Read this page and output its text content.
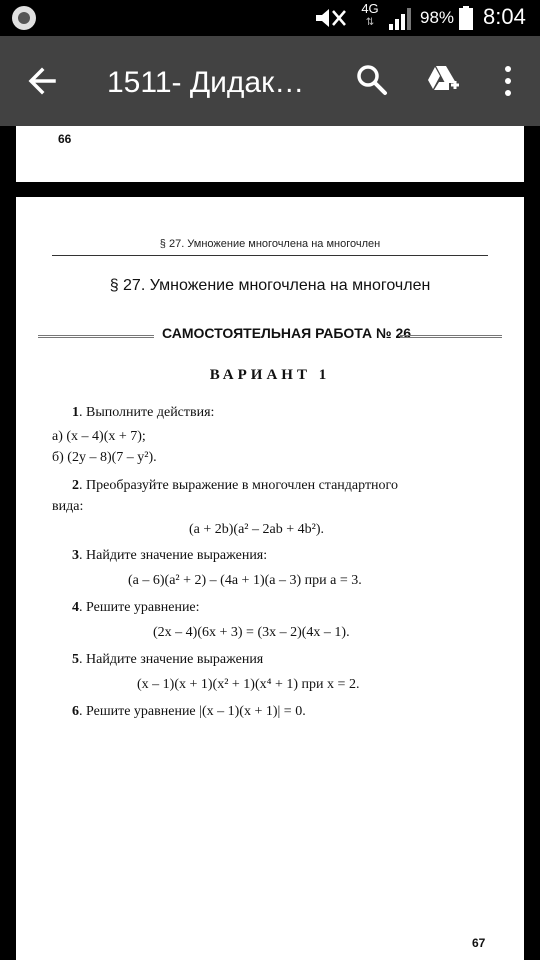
4G
⇅	98% 8:04
1511- Дидак…
66
§ 27. Умножение многочлена на многочлен
§ 27. Умножение многочлена на многочлен
САМОСТОЯТЕЛЬНАЯ РАБОТА № 26
ВАРИАНТ 1
1. Выполните действия:
а) (x – 4)(x + 7);
б) (2y – 8)(7 – y²).
2. Преобразуйте выражение в многочлен стандартного
вида:
(a + 2b)(a² – 2ab + 4b²).
3. Найдите значение выражения:
(a – 6)(a² + 2) – (4a + 1)(a – 3) при a = 3.
4. Решите уравнение:
(2x – 4)(6x + 3) = (3x – 2)(4x – 1).
5. Найдите значение выражения
(x – 1)(x + 1)(x² + 1)(x⁴ + 1) при x = 2.
6. Решите уравнение |(x – 1)(x + 1)| = 0.
67
